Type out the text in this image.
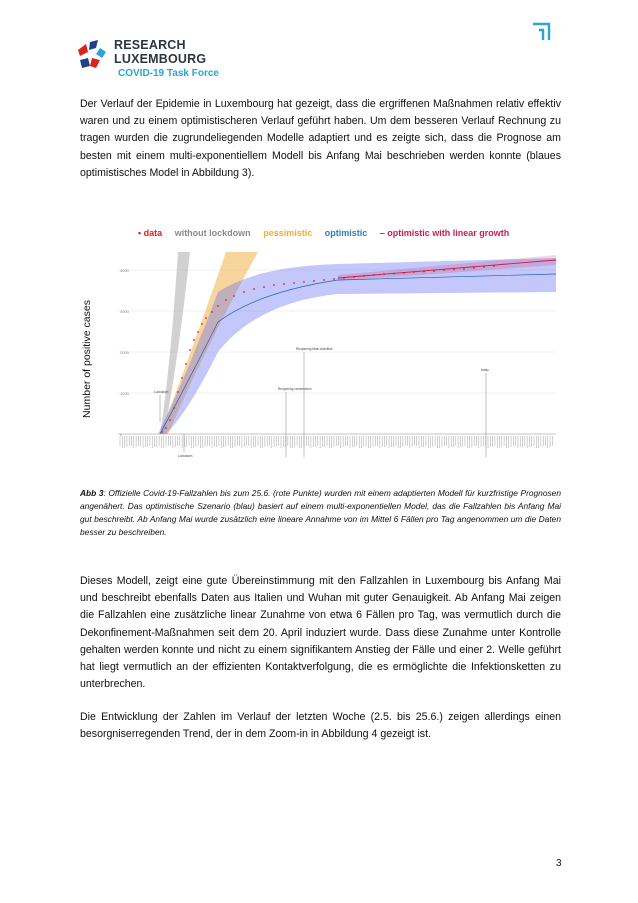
RESEARCH
LUXEMBOURG
COVID-19 Task Force

Der Verlauf der Epidemie in Luxembourg hat gezeigt, dass die ergriffenen Maßnahmen relativ effektiv waren und zu einem optimistischeren Verlauf geführt haben. Um dem besseren Verlauf Rechnung zu tragen wurden die zugrundeliegenden Modelle adaptiert und es zeigte sich, dass die Prognose am besten mit einem multi-exponentiellem Modell bis Anfang Mai beschrieben werden konnte (blaues optimistisches Model in Abbildung 3).

• data without lockdown pessimistic optimistic – optimistic with linear growth
Number of positive cases
4000
3000
2000
1000
0
Lockdown
Lockdown
Reopening construction
Reopening Main Activities
today
Abb 3: Offizielle Covid-19-Fallzahlen bis zum 25.6. (rote Punkte) wurden mit einem adaptierten Modell für kurzfristige Prognosen angenähert. Das optimistische Szenario (blau) basiert auf einem multi-exponentiellen Model, das die Fallzahlen bis Anfang Mai gut beschreibt. Ab Anfang Mai wurde zusätzlich eine lineare Annahme von im Mittel 6 Fällen pro Tag angenommen um die Daten besser zu beschreiben.

Dieses Modell, zeigt eine gute Übereinstimmung mit den Fallzahlen in Luxembourg bis Anfang Mai und beschreibt ebenfalls Daten aus Italien und Wuhan mit guter Genauigkeit. Ab Anfang Mai zeigen die Fallzahlen eine zusätzliche linear Zunahme von etwa 6 Fällen pro Tag, was vermutlich durch die Dekonfinement-Maßnahmen seit dem 20. April induziert wurde. Dass diese Zunahme unter Kontrolle gehalten werden konnte und nicht zu einem signifikantem Anstieg der Fälle und einer 2. Welle geführt hat liegt vermutlich an der effizienten Kontaktverfolgung, die es ermöglichte die Infektionsketten zu unterbrechen.

Die Entwicklung der Zahlen im Verlauf der letzten Woche (2.5. bis 25.6.) zeigen allerdings einen besorgniserregenden Trend, der in dem Zoom-in in Abbildung 4 gezeigt ist.

3
